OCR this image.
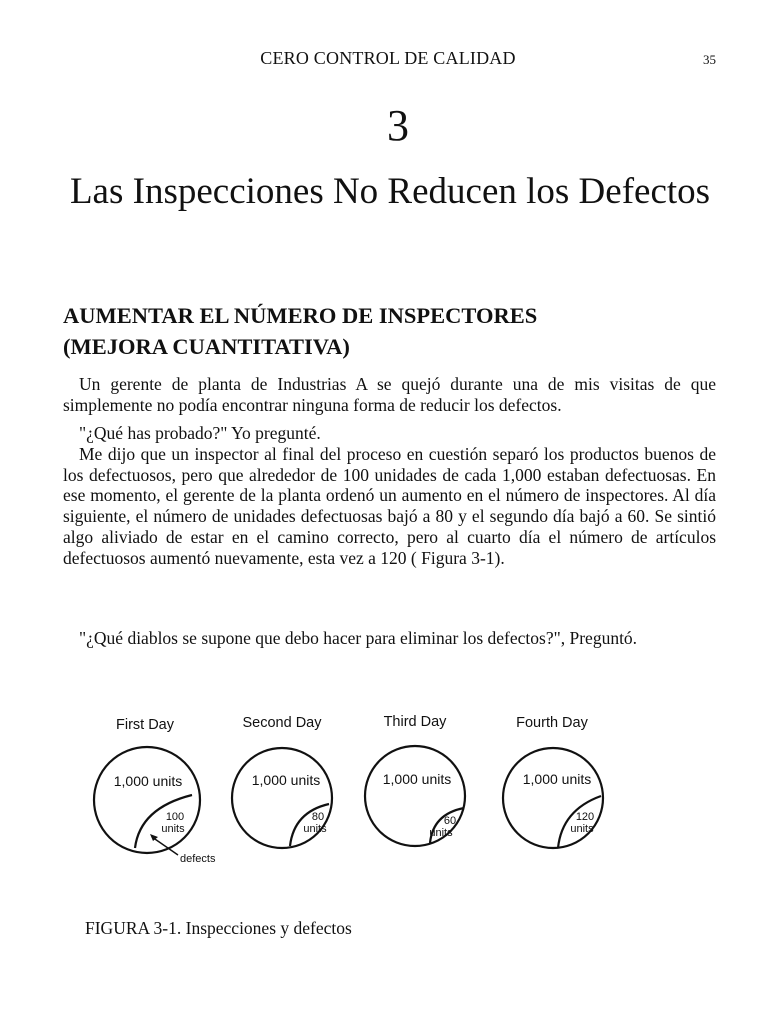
CERO CONTROL DE CALIDAD	35
3
Las Inspecciones No Reducen los Defectos
AUMENTAR EL NÚMERO DE INSPECTORES
(MEJORA CUANTITATIVA)
Un gerente de planta de Industrias A se quejó durante una de mis visitas de que simplemente no podía encontrar ninguna forma de reducir los defectos.
"¿Qué has probado?" Yo pregunté.
Me dijo que un inspector al final del proceso en cuestión separó los productos buenos de los defectuosos, pero que alrededor de 100 unidades de cada 1,000 estaban defectuosas. En ese momento, el gerente de la planta ordenó un aumento en el número de inspectores. Al día siguiente, el número de unidades defectuosas bajó a 80 y el segundo día bajó a 60. Se sintió algo aliviado de estar en el camino correcto, pero al cuarto día el número de artículos defectuosos aumentó nuevamente, esta vez a 120 ( Figura 3-1).
"¿Qué diablos se supone que debo hacer para eliminar los defectos?", Preguntó.
First Day
1,000 units
100
units
defects
Second Day
1,000 units
80
units
Third Day
1,000 units
60
units
Fourth Day
1,000 units
120
units
FIGURA 3-1. Inspecciones y defectos
